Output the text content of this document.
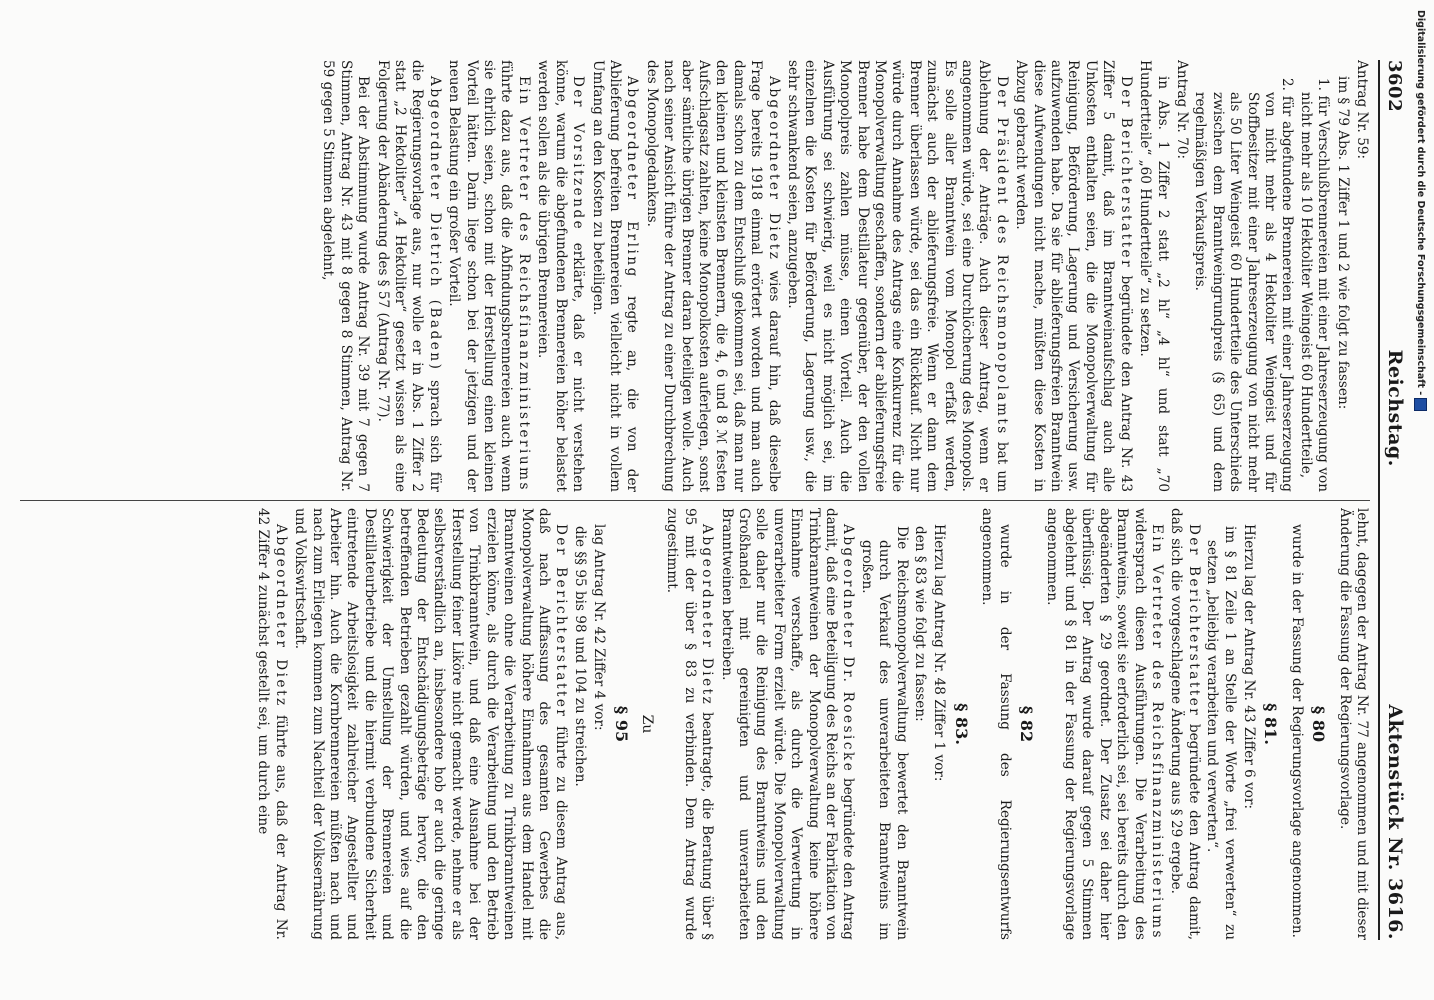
Digitalisierung gefördert durch die Deutsche Forschungsgemeinschaft -
3602
Reichstag.
Aktenstück Nr. 3616.

Antrag Nr. 59:

im § 79 Abs. 1 Ziffer 1 und 2 wie folgt zu fassen:

1. für Verschlußbrennereien mit einer Jahreserzeugung von nicht mehr als 10 Hektoliter Weingeist 60 Hundertteile,

2. für abgefundene Brennereien mit einer Jahreserzeugung von nicht mehr als 4 Hektoliter Weingeist und für Stoffbesitzer mit einer Jahreserzeugung von nicht mehr als 50 Liter Weingeist 60 Hundertteile des Unterschieds zwischen dem Branntweingrundpreis (§ 65) und dem regelmäßigen Verkaufspreis.

Antrag Nr. 70:

in Abs. 1 Ziffer 2 statt „2 hl“ „4 hl“ und statt „70 Hundertteile“ „60 Hundertteile“ zu setzen.

Der Berichterstatter begründete den Antrag Nr. 43 Ziffer 5 damit, daß im Branntweinaufschlag auch alle Unkosten enthalten seien, die die Monopolverwaltung für Reinigung, Beförderung, Lagerung und Versicherung usw. aufzuwenden habe. Da sie für ablieferungsfreien Branntwein diese Aufwendungen nicht mache, müßten diese Kosten in Abzug gebracht werden.

Der Präsident des Reichsmonopolamts bat um Ablehnung der Anträge. Auch dieser Antrag, wenn er angenommen würde, sei eine Durchlöcherung des Monopols. Es solle aller Branntwein vom Monopol erfaßt werden, zunächst auch der ablieferungsfreie. Wenn er dann dem Brenner überlassen würde, sei das ein Rückkauf. Nicht nur würde durch Annahme des Antrags eine Konkurrenz für die Monopolverwaltung geschaffen, sondern der ablieferungsfreie Brenner habe dem Destillateur gegenüber, der den vollen Monopolpreis zahlen müsse, einen Vorteil. Auch die Ausführung sei schwierig, weil es nicht möglich sei, im einzelnen die Kosten für Beförderung, Lagerung usw., die sehr schwankend seien, anzugeben.

Abgeordneter Dietz wies darauf hin, daß dieselbe Frage bereits 1918 einmal erörtert worden und man auch damals schon zu dem Entschluß gekommen sei, daß man nur den kleinen und kleinsten Brennern, die 4, 6 und 8 ℳ festen Aufschlagsatz zahlten, keine Monopolkosten auferlegen, sonst aber sämtliche übrigen Brenner daran beteiligen wolle. Auch nach seiner Ansicht führe der Antrag zu einer Durchbrechung des Monopolgedankens.

Abgeordneter Erling regte an, die von der Ablieferung befreiten Brennereien vielleicht nicht in vollem Umfang an den Kosten zu beteiligen.

Der Vorsitzende erklärte, daß er nicht verstehen könne, warum die abgefundenen Brennereien höher belastet werden sollen als die übrigen Brennereien.

Ein Vertreter des Reichsfinanzministeriums führte dazu aus, daß die Abfindungsbrennereien auch wenn sie ehrlich seien, schon mit der Herstellung einen kleinen Vorteil hätten. Darin liege schon bei der jetzigen und der neuen Belastung ein großer Vorteil.

Abgeordneter Dietrich (Baden) sprach sich für die Regierungsvorlage aus, nur wolle er in Abs. 1 Ziffer 2 statt „2 Hektoliter“ „4 Hektoliter“ gesetzt wissen als eine Folgerung der Abänderung des § 57 (Antrag Nr. 77).

Bei der Abstimmung wurde Antrag Nr. 39 mit 7 gegen 7 Stimmen, Antrag Nr. 43 mit 8 gegen 8 Stimmen, Antrag Nr. 59 gegen 5 Stimmen abgelehnt,

lehnt, dagegen der Antrag Nr. 77 angenommen und mit dieser Änderung die Fassung der Regierungsvorlage.

§ 80

wurde in der Fassung der Regierungsvorlage angenommen.

§ 81.

Hierzu lag der Antrag Nr. 43 Ziffer 6 vor:

im § 81 Zeile 1 an Stelle der Worte „frei verwerten“ zu setzen „beliebig verarbeiten und verwerten“.

Der Berichterstatter begründete den Antrag damit, daß sich die vorgeschlagene Änderung aus § 29 ergebe.

Ein Vertreter des Reichsfinanzministeriums widersprach diesen Ausführungen. Die Verarbeitung des Branntweins, soweit sie erforderlich sei, sei bereits durch den abgeänderten § 29 geordnet. Der Zusatz sei daher hier überflüssig. Der Antrag wurde darauf gegen 5 Stimmen abgelehnt und § 81 in der Fassung der Regierungsvorlage angenommen.

§ 82

wurde in der Fassung des Regierungsentwurfs angenommen.

§ 83.

Hierzu lag Antrag Nr. 48 Ziffer 1 vor:

den § 83 wie folgt zu fassen:

Die Reichsmonopolverwaltung bewertet den Branntwein durch Verkauf des unverarbeiteten Branntweins im großen.

Abgeordneter Dr. Roesicke begründete den Antrag damit, daß eine Beteiligung des Reichs an der Fabrikation von Trinkbranntweinen der Monopolverwaltung keine höhere Einnahme verschaffe, als durch die Verwertung in unverarbeiteter Form erzielt würde. Die Monopolverwaltung solle daher nur die Reinigung des Branntweins und den Großhandel mit gereinigten und unverarbeiteten Branntweinen betreiben.

Abgeordneter Dietz beantragte, die Beratung über § 95 mit der über § 83 zu verbinden. Dem Antrag wurde zugestimmt.

Zu

§ 95

lag Antrag Nr. 42 Ziffer 4 vor:

die §§ 95 bis 98 und 104 zu streichen.

Der Berichterstatter führte zu diesem Antrag aus, daß nach Auffassung des gesamten Gewerbes die Monopolverwaltung höhere Einnahmen aus dem Handel mit Branntweinen ohne die Verarbeitung zu Trinkbranntweinen erzielen könne, als durch die Verarbeitung und den Betrieb von Trinkbranntwein, und daß eine Ausnahme bei der Herstellung feiner Liköre nicht gemacht werde, nehme er als selbstverständlich an, insbesondere hob er auch die geringe Bedeutung der Entschädigungsbeträge hervor, die den betreffenden Betrieben gezahlt würden, und wies auf die Schwierigkeit der Umstellung der Brennereien und Destillateurbetriebe und die hiermit verbundene Sicherheit eintretende Arbeitslosigkeit zahlreicher Angestellter und Arbeiter hin. Auch die Kornbrennereien müßten nach und nach zum Erliegen kommen zum Nachteil der Volksernährung und Volkswirtschaft.

Abgeordneter Dietz führte aus, daß der Antrag Nr. 42 Ziffer 4 zunächst gestellt sei, um durch eine
